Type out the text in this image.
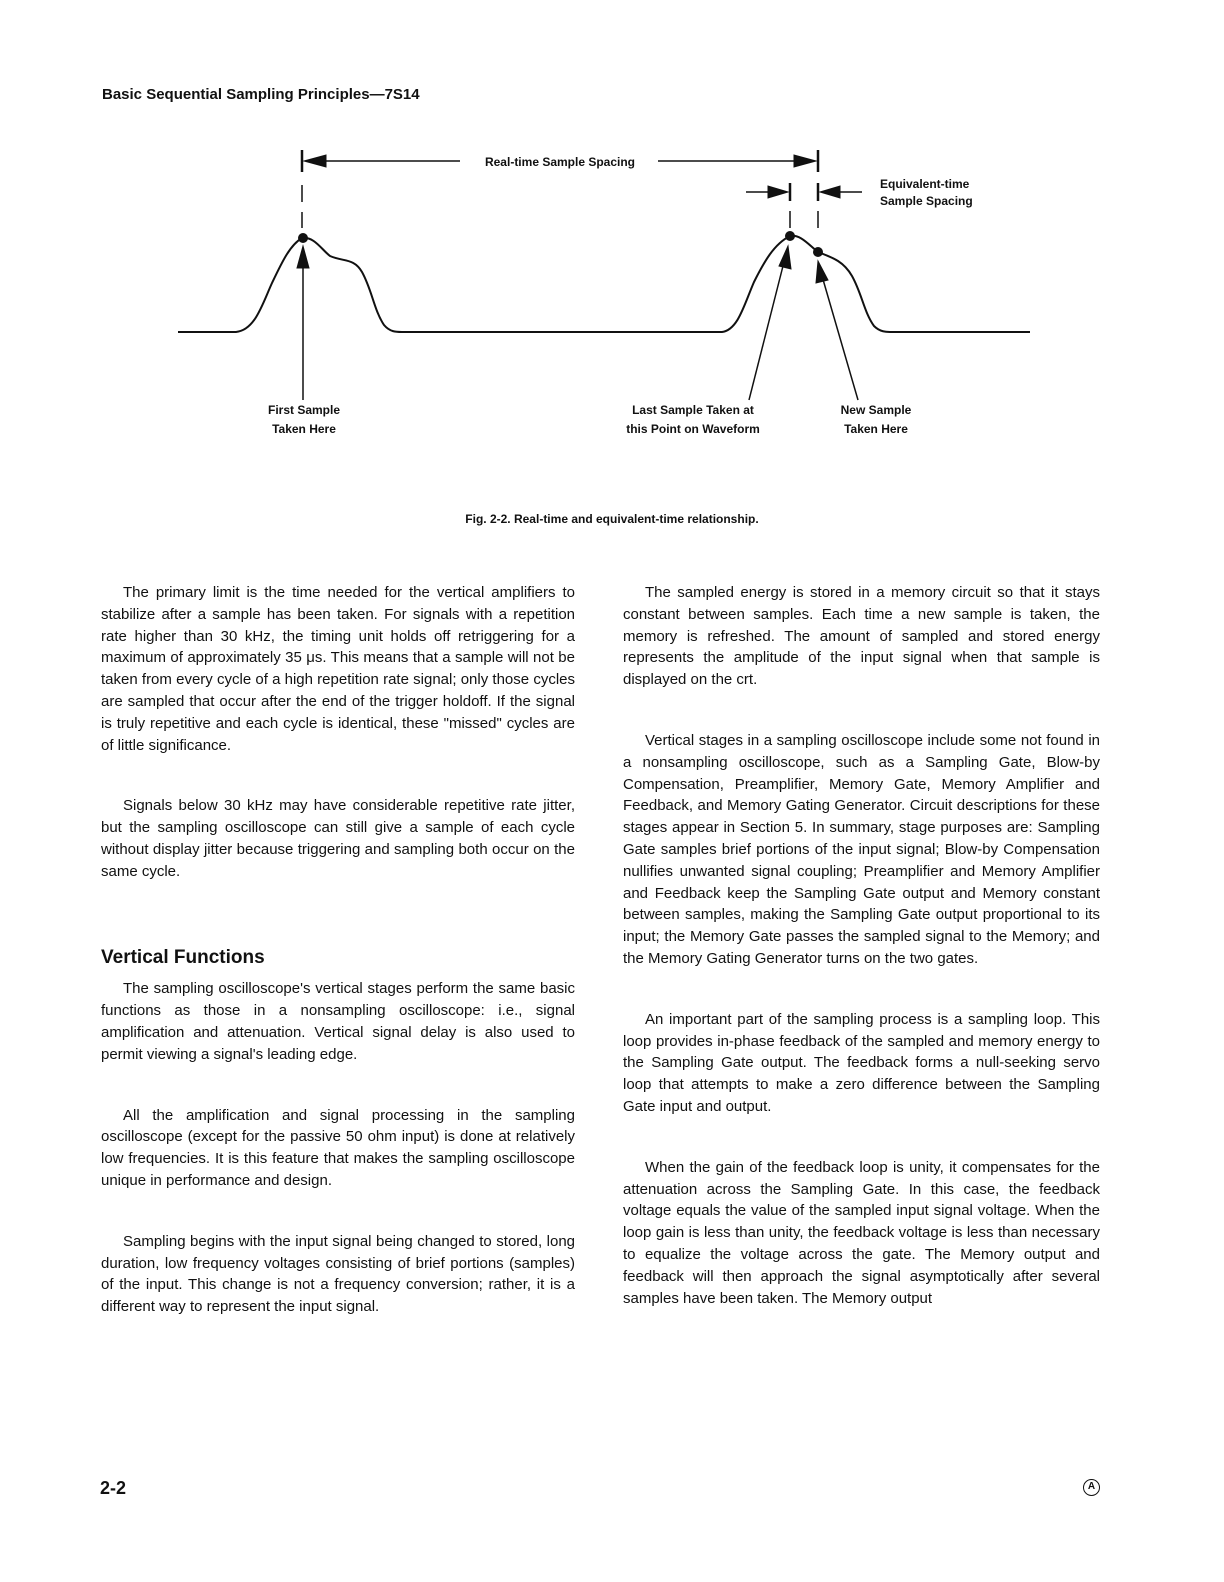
Basic Sequential Sampling Principles—7S14
Real-time Sample Spacing
Equivalent-time
Sample Spacing
First Sample
Taken Here
Last Sample Taken at
this Point on Waveform
New Sample
Taken Here
Fig. 2-2. Real-time and equivalent-time relationship.

The primary limit is the time needed for the vertical amplifiers to stabilize after a sample has been taken. For signals with a repetition rate higher than 30 kHz, the timing unit holds off retriggering for a maximum of approximately 35 μs. This means that a sample will not be taken from every cycle of a high repetition rate signal; only those cycles are sampled that occur after the end of the trigger holdoff. If the signal is truly repetitive and each cycle is identical, these "missed" cycles are of little significance.

Signals below 30 kHz may have considerable repetitive rate jitter, but the sampling oscilloscope can still give a sample of each cycle without display jitter because triggering and sampling both occur on the same cycle.

Vertical Functions

The sampling oscilloscope's vertical stages perform the same basic functions as those in a nonsampling oscilloscope: i.e., signal amplification and attenuation. Vertical signal delay is also used to permit viewing a signal's leading edge.

All the amplification and signal processing in the sampling oscilloscope (except for the passive 50 ohm input) is done at relatively low frequencies. It is this feature that makes the sampling oscilloscope unique in performance and design.

Sampling begins with the input signal being changed to stored, long duration, low frequency voltages consisting of brief portions (samples) of the input. This change is not a frequency conversion; rather, it is a different way to represent the input signal.

The sampled energy is stored in a memory circuit so that it stays constant between samples. Each time a new sample is taken, the memory is refreshed. The amount of sampled and stored energy represents the amplitude of the input signal when that sample is displayed on the crt.

Vertical stages in a sampling oscilloscope include some not found in a nonsampling oscilloscope, such as a Sampling Gate, Blow-by Compensation, Preamplifier, Memory Gate, Memory Amplifier and Feedback, and Memory Gating Generator. Circuit descriptions for these stages appear in Section 5. In summary, stage purposes are: Sampling Gate samples brief portions of the input signal; Blow-by Compensation nullifies unwanted signal coupling; Preamplifier and Memory Amplifier and Feedback keep the Sampling Gate output and Memory constant between samples, making the Sampling Gate output proportional to its input; the Memory Gate passes the sampled signal to the Memory; and the Memory Gating Generator turns on the two gates.

An important part of the sampling process is a sampling loop. This loop provides in-phase feedback of the sampled and memory energy to the Sampling Gate output. The feedback forms a null-seeking servo loop that attempts to make a zero difference between the Sampling Gate input and output.

When the gain of the feedback loop is unity, it compensates for the attenuation across the Sampling Gate. In this case, the feedback voltage equals the value of the sampled input signal voltage. When the loop gain is less than unity, the feedback voltage is less than necessary to equalize the voltage across the gate. The Memory output and feedback will then approach the signal asymptotically after several samples have been taken. The Memory output

2-2	A
